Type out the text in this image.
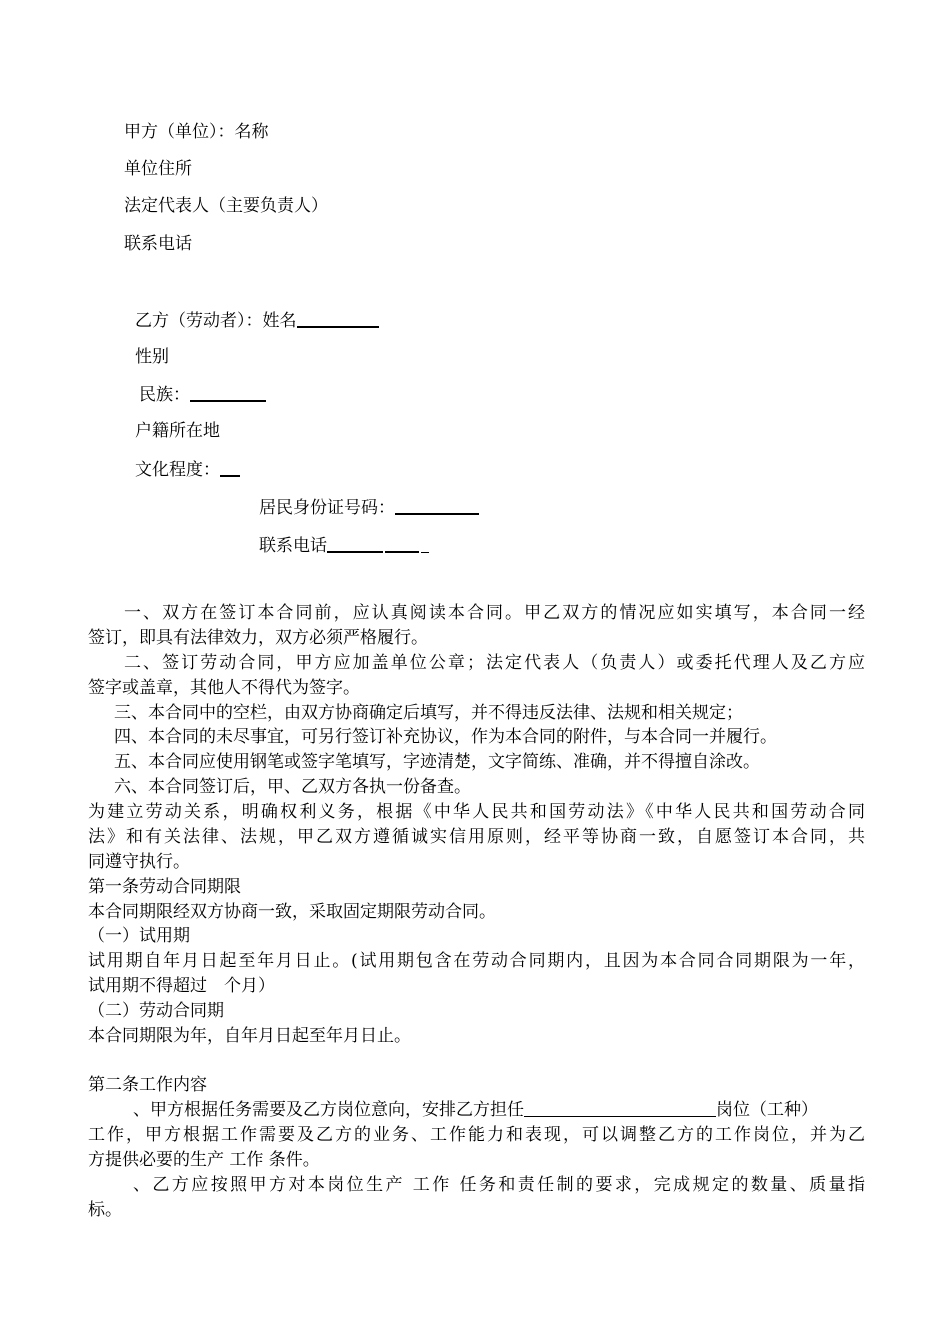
甲方（单位）：名称
单位住所
法定代表人（主要负责人）
联系电话
乙方（劳动者）：姓名
性别
民族：
户籍所在地
文化程度：
居民身份证号码：
联系电话
一、双方在签订本合同前，应认真阅读本合同。甲乙双方的情况应如实填写，本合同一经
签订，即具有法律效力，双方必须严格履行。
二、签订劳动合同，甲方应加盖单位公章；法定代表人（负责人）或委托代理人及乙方应
签字或盖章，其他人不得代为签字。
三、本合同中的空栏，由双方协商确定后填写，并不得违反法律、法规和相关规定；
四、本合同的未尽事宜，可另行签订补充协议，作为本合同的附件，与本合同一并履行。
五、本合同应使用钢笔或签字笔填写，字迹清楚，文字简练、准确，并不得擅自涂改。
六、本合同签订后，甲、乙双方各执一份备查。
为建立劳动关系，明确权利义务，根据《中华人民共和国劳动法》《中华人民共和国劳动合同
法》和有关法律、法规，甲乙双方遵循诚实信用原则，经平等协商一致，自愿签订本合同，共
同遵守执行。
第一条劳动合同期限
本合同期限经双方协商一致，采取固定期限劳动合同。
（一）试用期
试用期自年月日起至年月日止。(试用期包含在劳动合同期内，且因为本合同合同期限为一年，
试用期不得超过　个月）
（二）劳动合同期
本合同期限为年，自年月日起至年月日止。
第二条工作内容
、甲方根据任务需要及乙方岗位意向，安排乙方担任	岗位（工种）
工作，甲方根据工作需要及乙方的业务、工作能力和表现，可以调整乙方的工作岗位，并为乙
方提供必要的生产 工作 条件。
、乙方应按照甲方对本岗位生产 工作 任务和责任制的要求，完成规定的数量、质量指
标。
